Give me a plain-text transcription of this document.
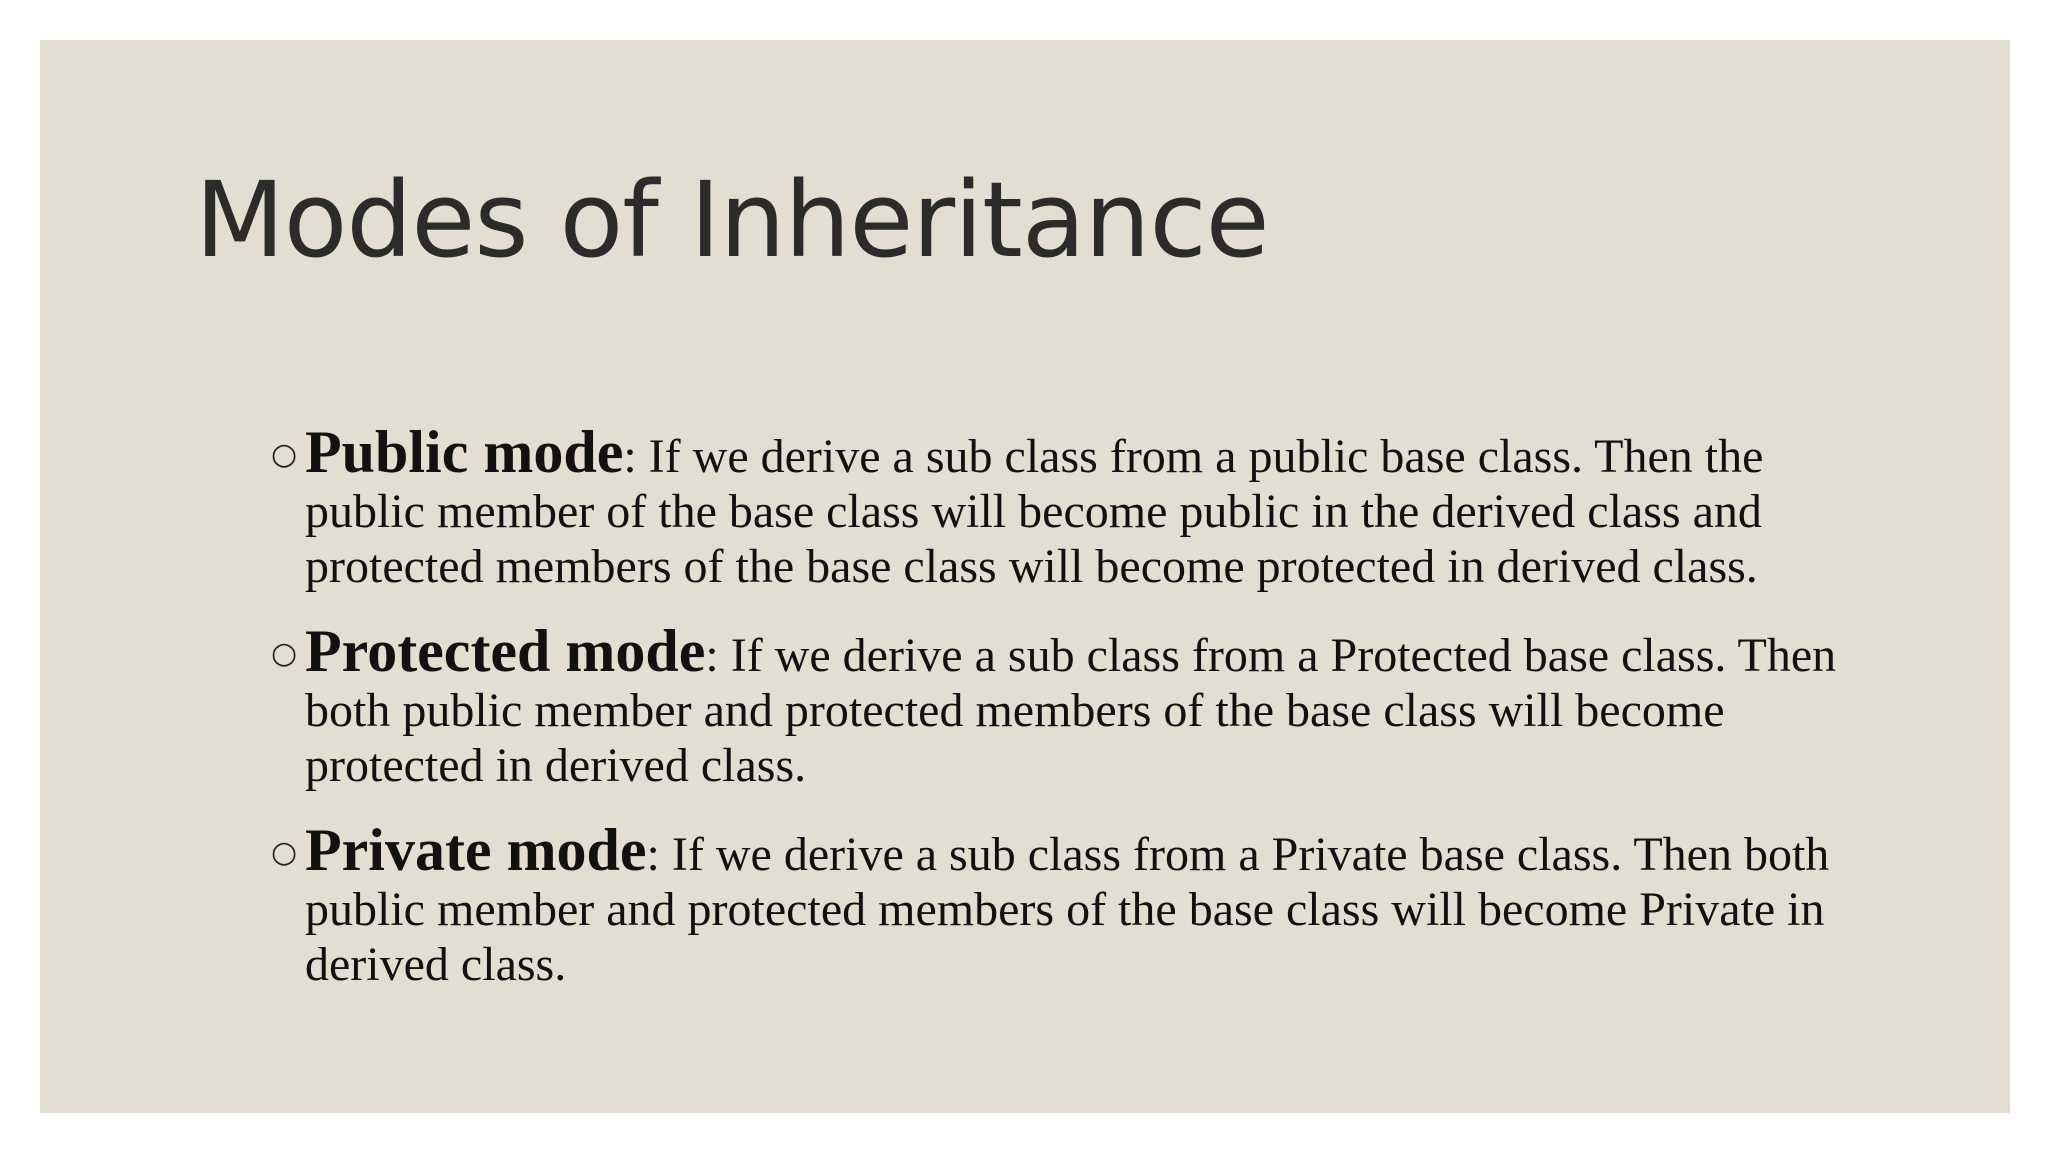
Modes of Inheritance
○ Public mode: If we derive a sub class from a public base class. Then the public member of the base class will become public in the derived class and protected members of the base class will become protected in derived class.
○ Protected mode: If we derive a sub class from a Protected base class. Then both public member and protected members of the base class will become protected in derived class.
○ Private mode: If we derive a sub class from a Private base class. Then both public member and protected members of the base class will become Private in derived class.
